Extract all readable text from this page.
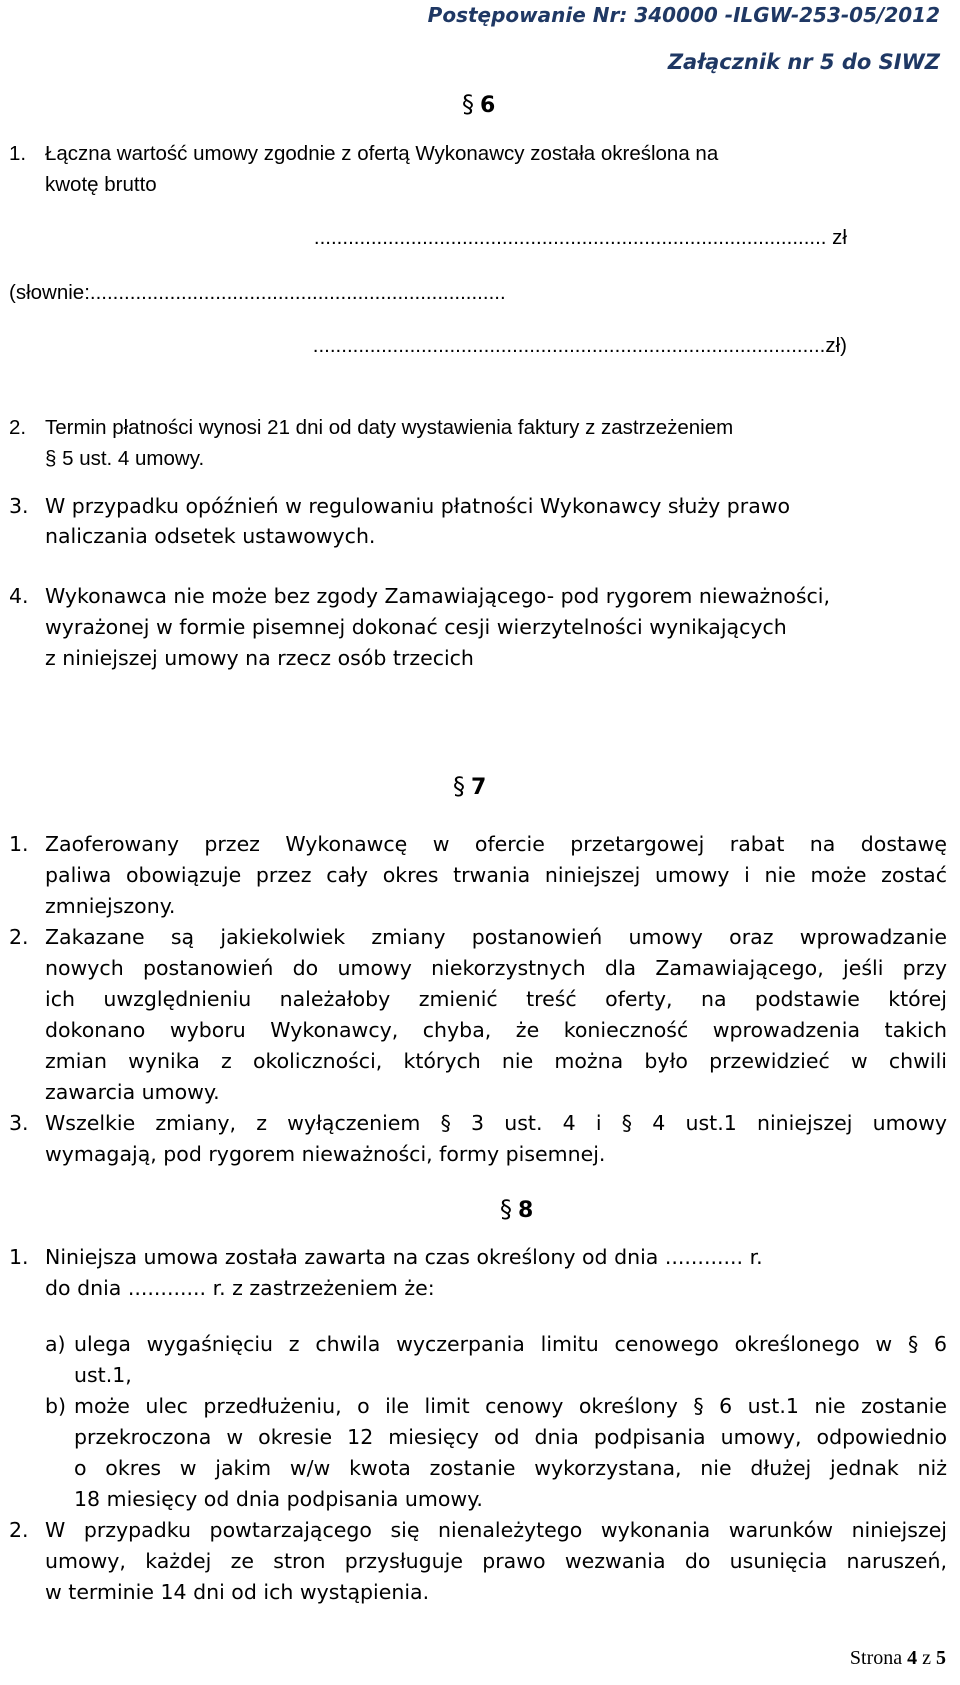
Postępowanie Nr: 340000 -ILGW-253-05/2012
Załącznik nr 5 do SIWZ
§ 6
1. Łączna wartość umowy zgodnie z ofertą Wykonawcy została określona na
kwotę brutto
.......................................................................................... zł
(słownie:.........................................................................
..........................................................................................zł)
2. Termin płatności wynosi 21 dni od daty wystawienia faktury z zastrzeżeniem
§ 5 ust. 4 umowy.
3. W przypadku opóźnień w regulowaniu płatności Wykonawcy służy prawo
naliczania odsetek ustawowych.
4. Wykonawca nie może bez zgody Zamawiającego- pod rygorem nieważności,
wyrażonej w formie pisemnej dokonać cesji wierzytelności wynikających
z niniejszej umowy na rzecz osób trzecich
§ 7
1. Zaoferowany przez Wykonawcę w ofercie przetargowej rabat na dostawę
paliwa obowiązuje przez cały okres trwania niniejszej umowy i nie może zostać
zmniejszony.
2. Zakazane są jakiekolwiek zmiany postanowień umowy oraz wprowadzanie
nowych postanowień do umowy niekorzystnych dla Zamawiającego, jeśli przy
ich uwzględnieniu należałoby zmienić treść oferty, na podstawie której
dokonano wyboru Wykonawcy, chyba, że konieczność wprowadzenia takich
zmian wynika z okoliczności, których nie można było przewidzieć w chwili
zawarcia umowy.
3. Wszelkie zmiany, z wyłączeniem § 3 ust. 4 i § 4 ust.1 niniejszej umowy
wymagają, pod rygorem nieważności, formy pisemnej.
§ 8
1. Niniejsza umowa została zawarta na czas określony od dnia ............ r.
do dnia ............ r. z zastrzeżeniem że:
a) ulega wygaśnięciu z chwila wyczerpania limitu cenowego określonego w § 6
ust.1,
b) może ulec przedłużeniu, o ile limit cenowy określony § 6 ust.1 nie zostanie
przekroczona w okresie 12 miesięcy od dnia podpisania umowy, odpowiednio
o okres w jakim w/w kwota zostanie wykorzystana, nie dłużej jednak niż
18 miesięcy od dnia podpisania umowy.
2. W przypadku powtarzającego się nienależytego wykonania warunków niniejszej
umowy, każdej ze stron przysługuje prawo wezwania do usunięcia naruszeń,
w terminie 14 dni od ich wystąpienia.
Strona 4 z 5
